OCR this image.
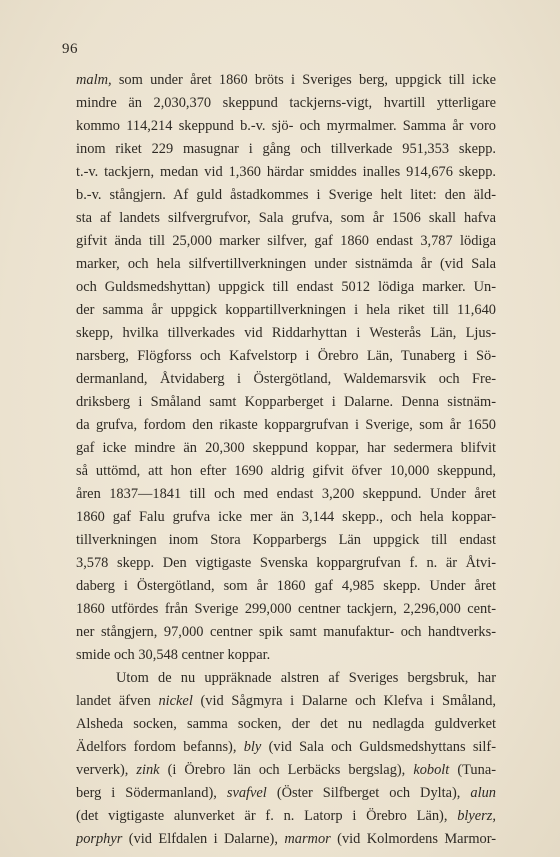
96
malm, som under året 1860 bröts i Sveriges berg, uppgick till icke
mindre än 2,030,370 skeppund tackjerns-vigt, hvartill ytterligare
kommo 114,214 skeppund b.-v. sjö- och myrmalmer. Samma år voro
inom riket 229 masugnar i gång och tillverkade 951,353 skepp.
t.-v. tackjern, medan vid 1,360 härdar smiddes inalles 914,676 skepp.
b.-v. stångjern. Af guld åstadkommes i Sverige helt litet: den äld-
sta af landets silfvergrufvor, Sala grufva, som år 1506 skall hafva
gifvit ända till 25,000 marker silfver, gaf 1860 endast 3,787 lödiga
marker, och hela silfvertillverkningen under sistnämda år (vid Sala
och Guldsmedshyttan) uppgick till endast 5012 lödiga marker. Un-
der samma år uppgick koppartillverkningen i hela riket till 11,640
skepp, hvilka tillverkades vid Riddarhyttan i Westerås Län, Ljus-
narsberg, Flögforss och Kafvelstorp i Örebro Län, Tunaberg i Sö-
dermanland, Åtvidaberg i Östergötland, Waldemarsvik och Fre-
driksberg i Småland samt Kopparberget i Dalarne. Denna sistnäm-
da grufva, fordom den rikaste koppargrufvan i Sverige, som år 1650
gaf icke mindre än 20,300 skeppund koppar, har sedermera blifvit
så uttömd, att hon efter 1690 aldrig gifvit öfver 10,000 skeppund,
åren 1837—1841 till och med endast 3,200 skeppund. Under året
1860 gaf Falu grufva icke mer än 3,144 skepp., och hela koppar-
tillverkningen inom Stora Kopparbergs Län uppgick till endast
3,578 skepp. Den vigtigaste Svenska koppargrufvan f. n. är Åtvi-
daberg i Östergötland, som år 1860 gaf 4,985 skepp. Under året
1860 utfördes från Sverige 299,000 centner tackjern, 2,296,000 cent-
ner stångjern, 97,000 centner spik samt manufaktur- och handtverks-
smide och 30,548 centner koppar.
Utom de nu uppräknade alstren af Sveriges bergsbruk, har
landet äfven nickel (vid Sågmyra i Dalarne och Klefva i Småland,
Alsheda socken, samma socken, der det nu nedlagda guldverket
Ädelfors fordom befanns), bly (vid Sala och Guldsmedshyttans silf-
ververk), zink (i Örebro län och Lerbäcks bergslag), kobolt (Tuna-
berg i Södermanland), svafvel (Öster Silfberget och Dylta), alun
(det vigtigaste alunverket är f. n. Latorp i Örebro Län), blyerz,
porphyr (vid Elfdalen i Dalarne), marmor (vid Kolmordens Marmor-
